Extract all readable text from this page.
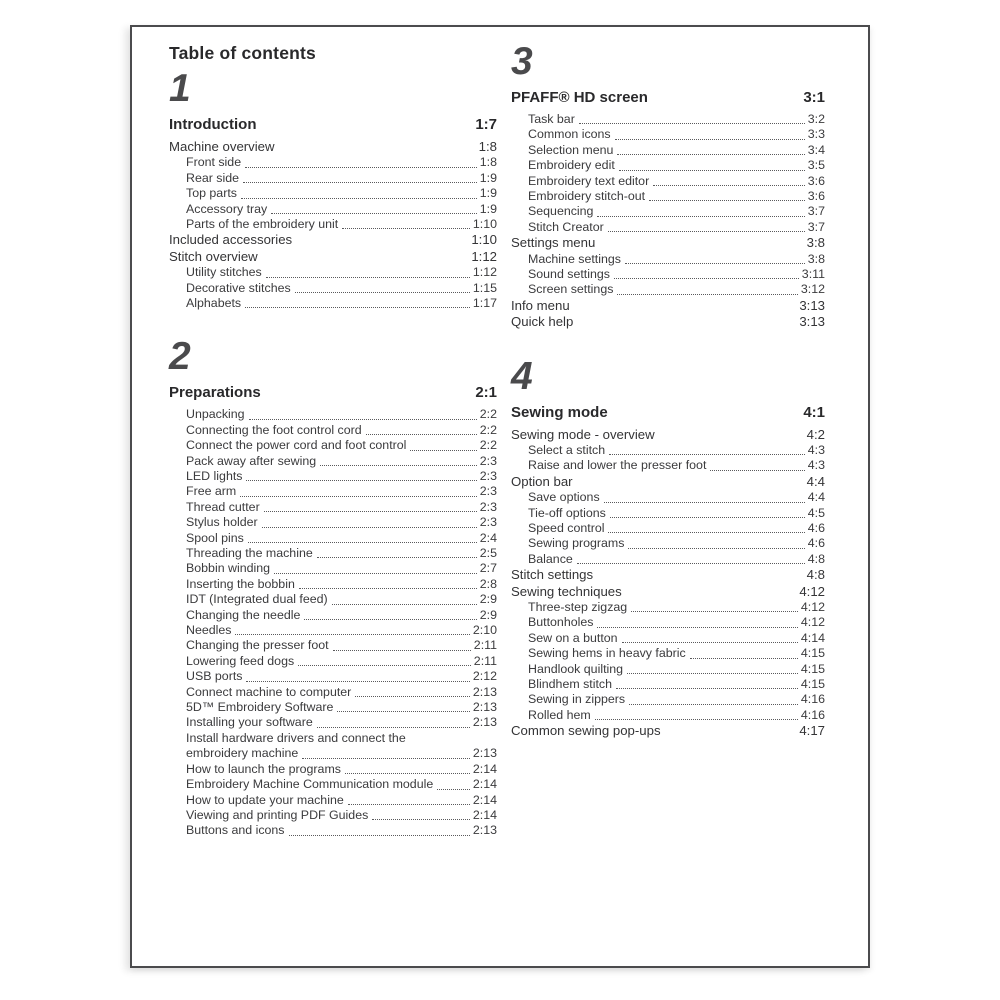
Table of contents
1
Introduction	1:7
Machine overview	1:8
Front side	1:8
Rear side	1:9
Top parts	1:9
Accessory tray	1:9
Parts of the embroidery unit	1:10
Included accessories	1:10
Stitch overview	1:12
Utility stitches	1:12
Decorative stitches	1:15
Alphabets	1:17
2
Preparations	2:1
Unpacking	2:2
Connecting the foot control cord	2:2
Connect the power cord and foot control	2:2
Pack away after sewing	2:3
LED lights	2:3
Free arm	2:3
Thread cutter	2:3
Stylus holder	2:3
Spool pins	2:4
Threading the machine	2:5
Bobbin winding	2:7
Inserting the bobbin	2:8
IDT (Integrated dual feed)	2:9
Changing the needle	2:9
Needles	2:10
Changing the presser foot	2:11
Lowering feed dogs	2:11
USB ports	2:12
Connect machine to computer	2:13
5D™ Embroidery Software	2:13
Installing your software	2:13
Install hardware drivers and connect the
embroidery machine	2:13
How to launch the programs	2:14
Embroidery Machine Communication module	2:14
How to update your machine	2:14
Viewing and printing PDF Guides	2:14
Buttons and icons	2:13
3
PFAFF® HD screen	3:1
Task bar	3:2
Common icons	3:3
Selection menu	3:4
Embroidery edit	3:5
Embroidery text editor	3:6
Embroidery stitch-out	3:6
Sequencing	3:7
Stitch Creator	3:7
Settings menu	3:8
Machine settings	3:8
Sound settings	3:11
Screen settings	3:12
Info menu	3:13
Quick help	3:13
4
Sewing mode	4:1
Sewing mode - overview	4:2
Select a stitch	4:3
Raise and lower the presser foot	4:3
Option bar	4:4
Save options	4:4
Tie-off options	4:5
Speed control	4:6
Sewing programs	4:6
Balance	4:8
Stitch settings	4:8
Sewing techniques	4:12
Three-step zigzag	4:12
Buttonholes	4:12
Sew on a button	4:14
Sewing hems in heavy fabric	4:15
Handlook quilting	4:15
Blindhem stitch	4:15
Sewing in zippers	4:16
Rolled hem	4:16
Common sewing pop-ups	4:17
